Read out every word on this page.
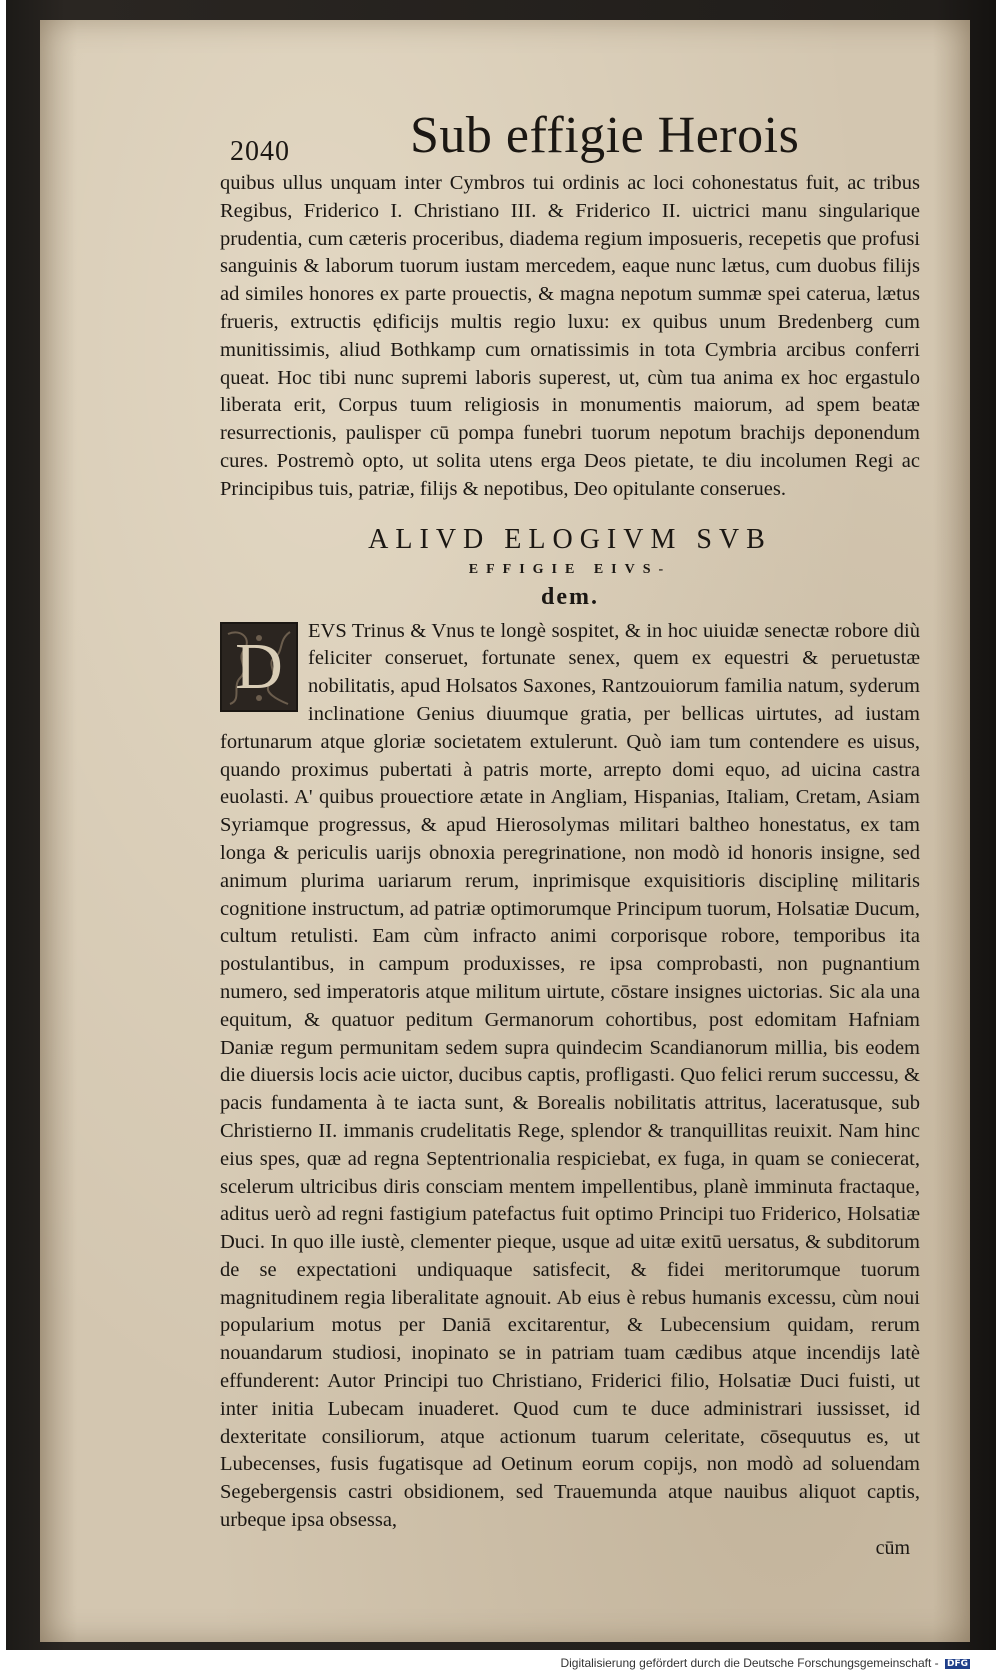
2040 Sub effigie Herois

quibus ullus unquam inter Cymbros tui ordinis ac loci cohonestatus fuit, ac tribus Regibus, Friderico I. Christiano III. & Friderico II. uictrici manu singularique prudentia, cum cæteris proceribus, diadema regium imposueris, recepetis que profusi sanguinis & laborum tuorum iustam mercedem, eaque nunc lætus, cum duobus filijs ad similes honores ex parte prouectis, & magna nepotum summæ spei caterua, lætus frueris, extructis ędificijs multis regio luxu: ex quibus unum Bredenberg cum munitissimis, aliud Bothkamp cum ornatissimis in tota Cymbria arcibus conferri queat. Hoc tibi nunc supremi laboris superest, ut, cùm tua anima ex hoc ergastulo liberata erit, Corpus tuum religiosis in monumentis maiorum, ad spem beatæ resurrectionis, paulisper cū pompa funebri tuorum nepotum brachijs deponendum cures. Postremò opto, ut solita utens erga Deos pietate, te diu incolumen Regi ac Principibus tuis, patriæ, filijs & nepotibus, Deo opitulante conserues.

ALIVD ELOGIVM SVB
EFFIGIE EIVS-
dem.
D	EVS Trinus & Vnus te longè sospitet, & in hoc uiuidæ senectæ robore diù feliciter conseruet, fortunate senex, quem ex equestri & peruetustæ nobilitatis, apud Holsatos Saxones, Rantzouiorum familia natum, syderum inclinatione Genius diuumque gratia, per bellicas uirtutes, ad iustam fortunarum atque gloriæ societatem extulerunt. Quò iam tum contendere es uisus, quando proximus pubertati à patris morte, arrepto domi equo, ad uicina castra euolasti. A' quibus prouectiore ætate in Angliam, Hispanias, Italiam, Cretam, Asiam Syriamque progressus, & apud Hierosolymas militari baltheo honestatus, ex tam longa & periculis uarijs obnoxia peregrinatione, non modò id honoris insigne, sed animum plurima uariarum rerum, inprimisque exquisitioris disciplinę militaris cognitione instructum, ad patriæ optimorumque Principum tuorum, Holsatiæ Ducum, cultum retulisti. Eam cùm infracto animi corporisque robore, temporibus ita postulantibus, in campum produxisses, re ipsa comprobasti, non pugnantium numero, sed imperatoris atque militum uirtute, cōstare insignes uictorias. Sic ala una equitum, & quatuor peditum Germanorum cohortibus, post edomitam Hafniam Daniæ regum permunitam sedem supra quindecim Scandianorum millia, bis eodem die diuersis locis acie uictor, ducibus captis, profligasti. Quo felici rerum successu, & pacis fundamenta à te iacta sunt, & Borealis nobilitatis attritus, laceratusque, sub Christierno II. immanis crudelitatis Rege, splendor & tranquillitas reuixit. Nam hinc eius spes, quæ ad regna Septentrionalia respiciebat, ex fuga, in quam se coniecerat, scelerum ultricibus diris consciam mentem impellentibus, planè imminuta fractaque, aditus uerò ad regni fastigium patefactus fuit optimo Principi tuo Friderico, Holsatiæ Duci. In quo ille iustè, clementer pieque, usque ad uitæ exitū uersatus, & subditorum de se expectationi undiquaque satisfecit, & fidei meritorumque tuorum magnitudinem regia liberalitate agnouit. Ab eius è rebus humanis excessu, cùm noui popularium motus per Daniā excitarentur, & Lubecensium quidam, rerum nouandarum studiosi, inopinato se in patriam tuam cædibus atque incendijs latè effunderent: Autor Principi tuo Christiano, Friderici filio, Holsatiæ Duci fuisti, ut inter initia Lubecam inuaderet. Quod cum te duce administrari iussisset, id dexteritate consiliorum, atque actionum tuarum celeritate, cōsequutus es, ut Lubecenses, fusis fugatisque ad Oetinum eorum copijs, non modò ad soluendam Segebergensis castri obsidionem, sed Trauemunda atque nauibus aliquot captis, urbeque ipsa obsessa,

cūm
Digitalisierung gefördert durch die Deutsche Forschungsgemeinschaft - DFG
